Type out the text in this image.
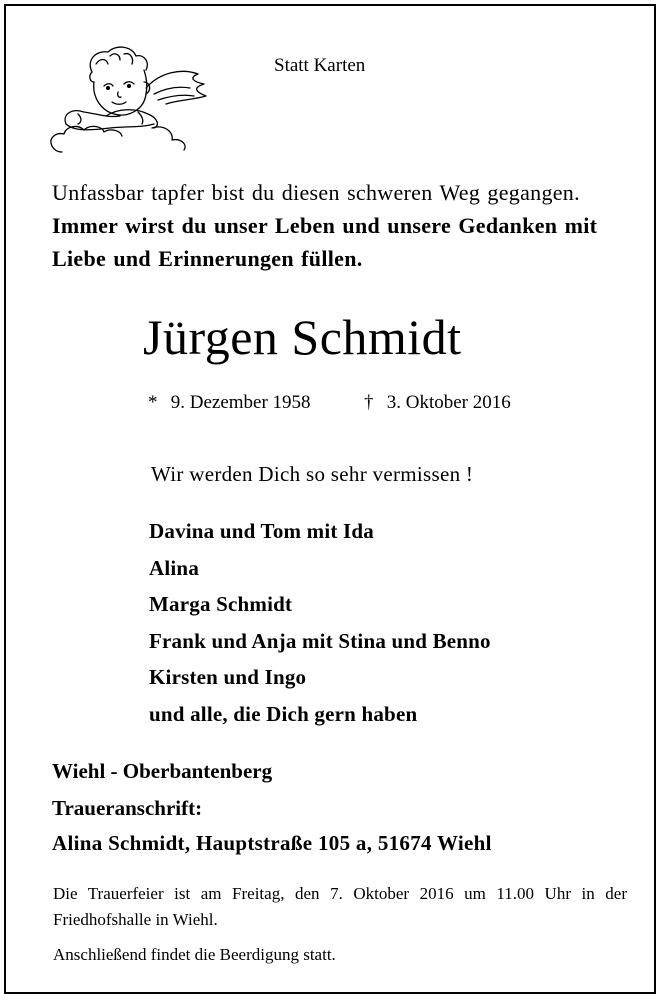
Statt Karten
Unfassbar tapfer bist du diesen schweren Weg gegangen.
Immer wirst du unser Leben und unsere Gedanken mit
Liebe und Erinnerungen füllen.
Jürgen Schmidt
* 9. Dezember 1958	† 3. Oktober 2016
Wir werden Dich so sehr vermissen !
Davina und Tom mit Ida
Alina
Marga Schmidt
Frank und Anja mit Stina und Benno
Kirsten und Ingo
und alle, die Dich gern haben
Wiehl - Oberbantenberg
Traueranschrift:
Alina Schmidt, Hauptstraße 105 a, 51674 Wiehl
Die Trauerfeier ist am Freitag, den 7. Oktober 2016 um 11.00 Uhr in der Friedhofshalle in Wiehl.
Anschließend findet die Beerdigung statt.
